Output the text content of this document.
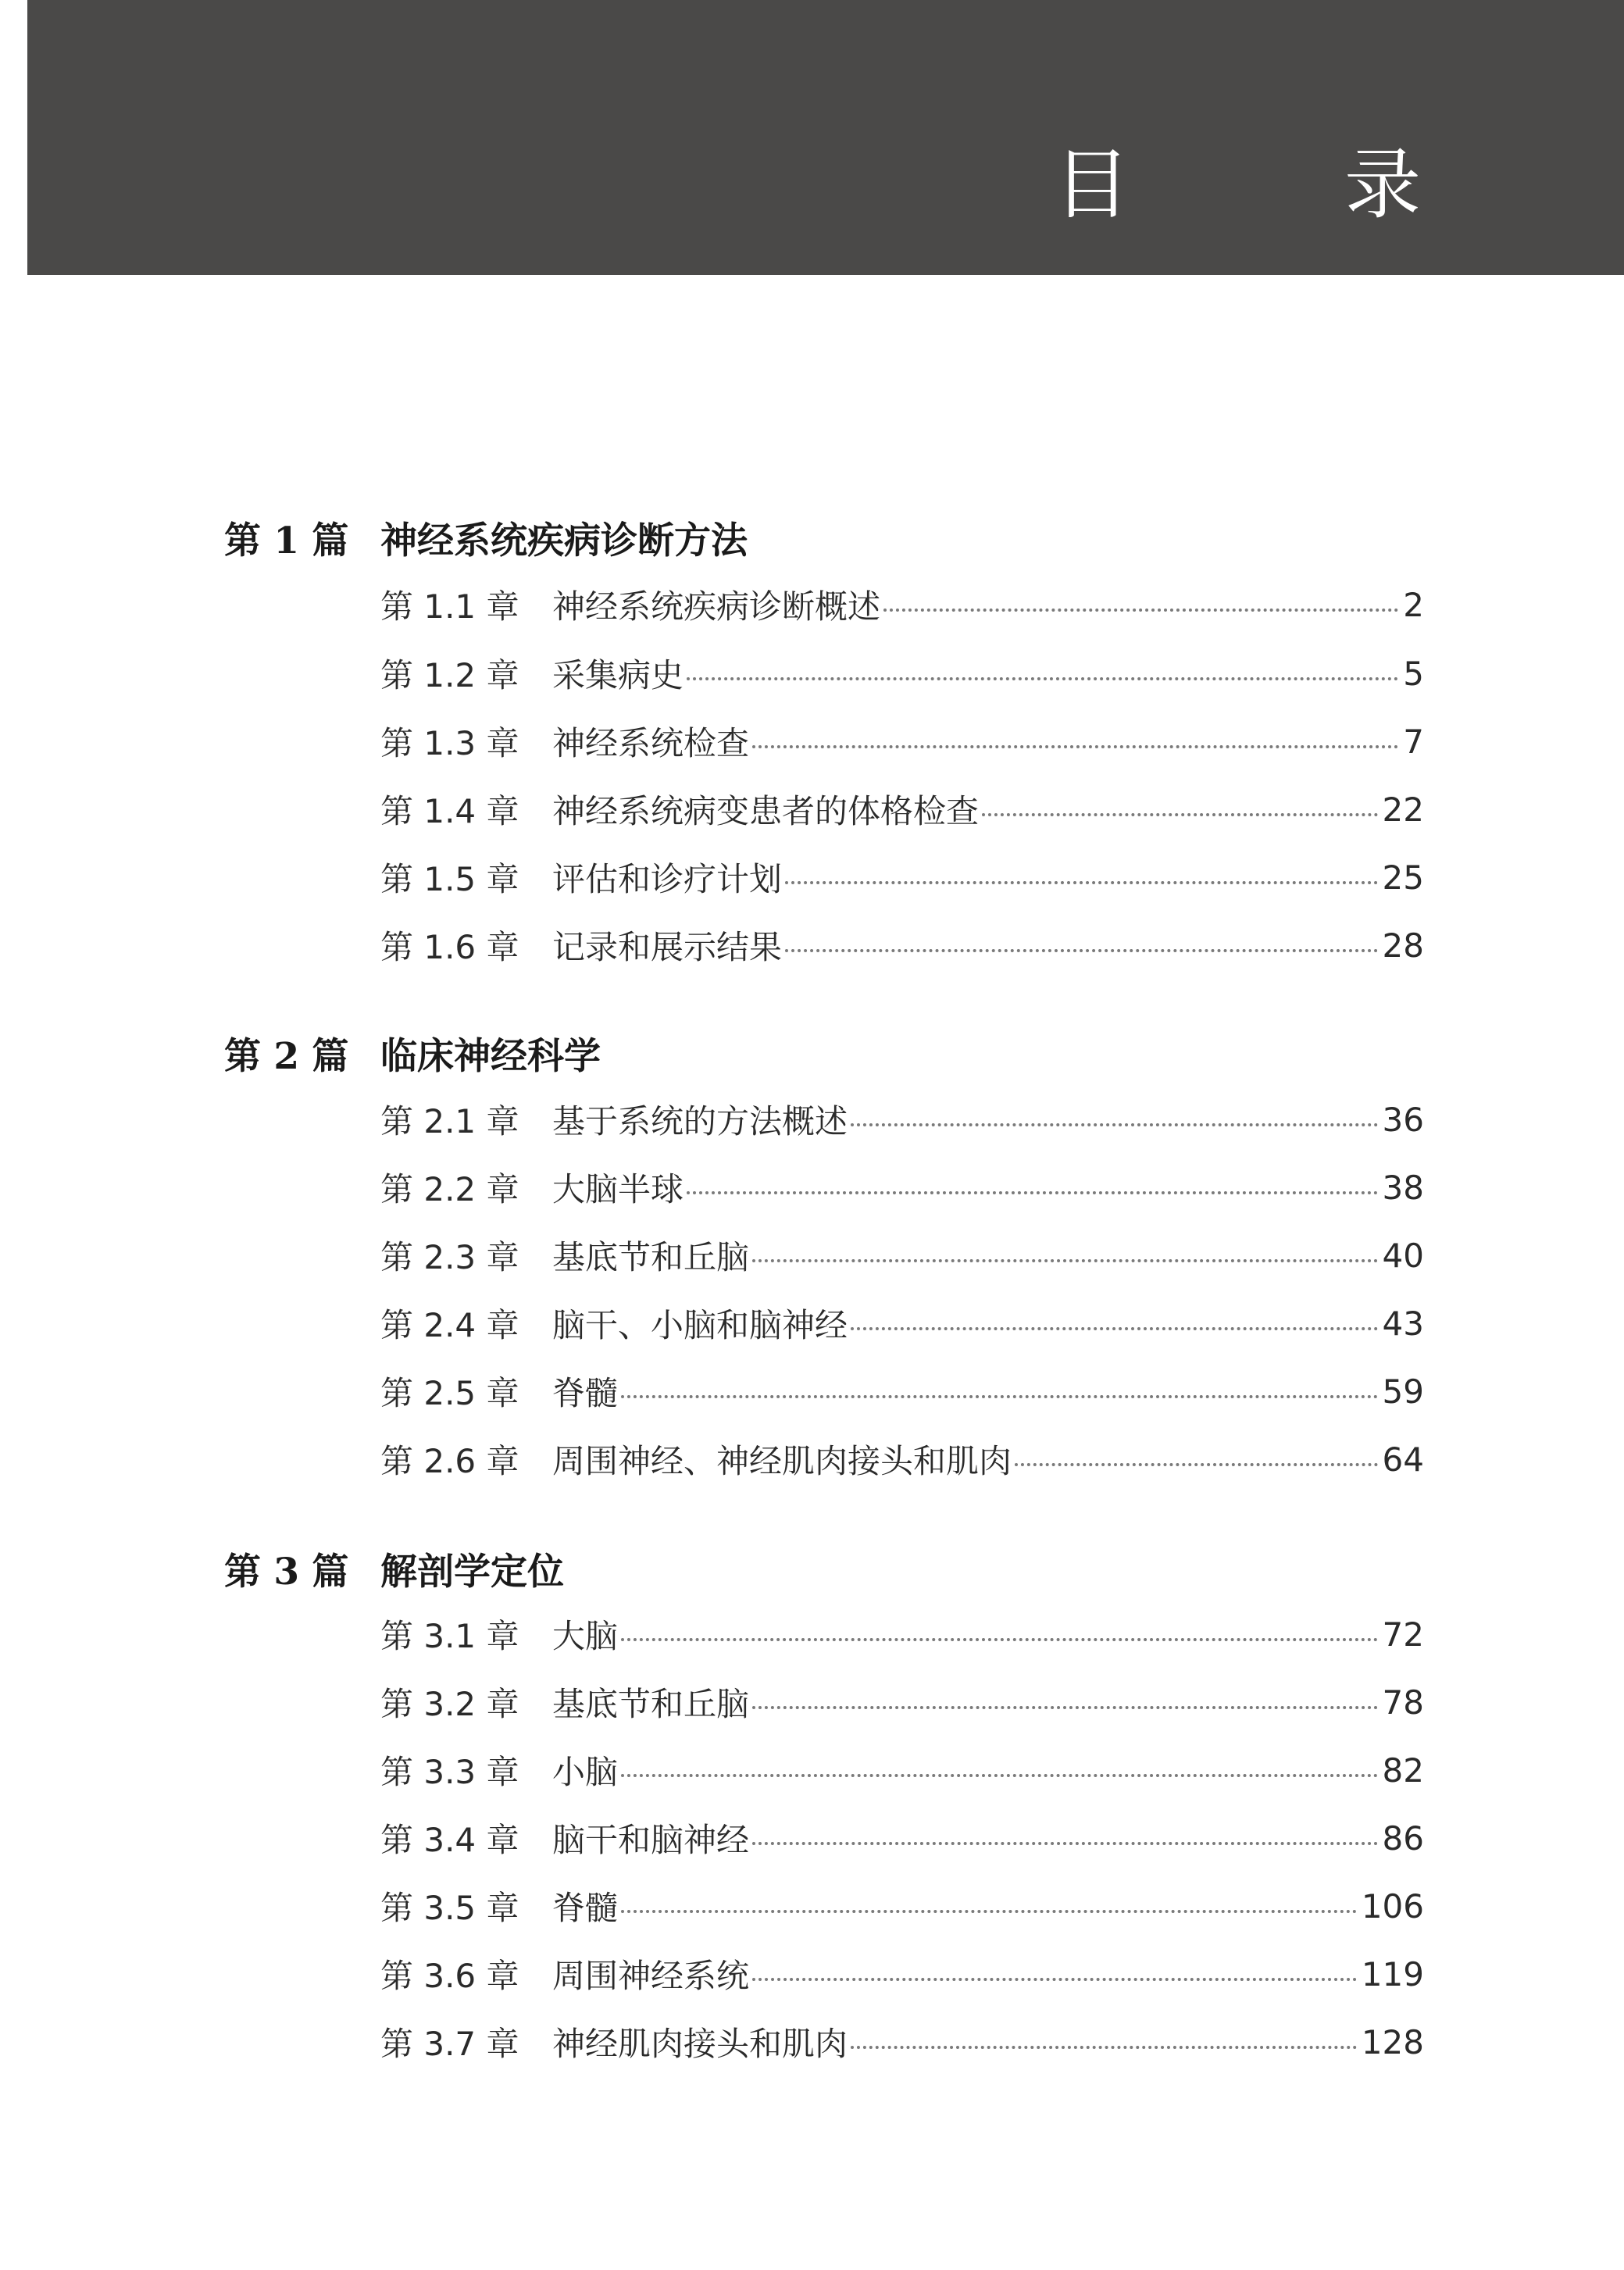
目　录
第 1 篇 神经系统疾病诊断方法
第 1.1 章	神经系统疾病诊断概述	2
第 1.2 章	采集病史	5
第 1.3 章	神经系统检查	7
第 1.4 章	神经系统病变患者的体格检查	22
第 1.5 章	评估和诊疗计划	25
第 1.6 章	记录和展示结果	28
第 2 篇 临床神经科学
第 2.1 章	基于系统的方法概述	36
第 2.2 章	大脑半球	38
第 2.3 章	基底节和丘脑	40
第 2.4 章	脑干、小脑和脑神经	43
第 2.5 章	脊髓	59
第 2.6 章	周围神经、神经肌肉接头和肌肉	64
第 3 篇 解剖学定位
第 3.1 章	大脑	72
第 3.2 章	基底节和丘脑	78
第 3.3 章	小脑	82
第 3.4 章	脑干和脑神经	86
第 3.5 章	脊髓	106
第 3.6 章	周围神经系统	119
第 3.7 章	神经肌肉接头和肌肉	128
